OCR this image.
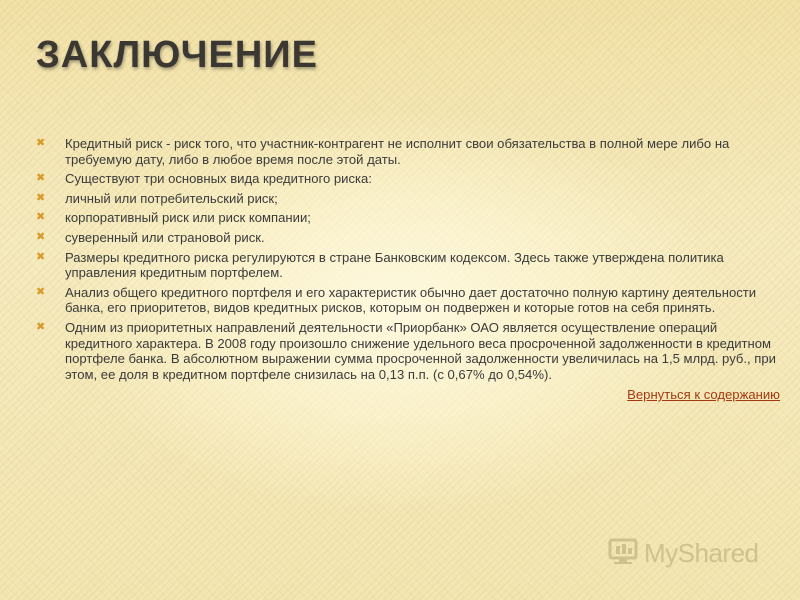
ЗАКЛЮЧЕНИЕ
✖ Кредитный риск - риск того, что участник-контрагент не исполнит свои обязательства в полной мере либо на требуемую дату, либо в любое время после этой даты.
✖ Существуют три основных вида кредитного риска:
✖ личный или потребительский риск;
✖ корпоративный риск или риск компании;
✖ суверенный или страновой риск.
✖ Размеры кредитного риска регулируются в стране Банковским кодексом. Здесь также утверждена политика управления кредитным портфелем.
✖ Анализ общего кредитного портфеля и его характеристик обычно дает достаточно полную картину деятельности банка, его приоритетов, видов кредитных рисков, которым он подвержен и которые готов на себя принять.
✖ Одним из приоритетных направлений деятельности «Приорбанк» ОАО является осуществление операций кредитного характера. В 2008 году произошло снижение удельного веса просроченной задолженности в кредитном портфеле банка. В абсолютном выражении сумма просроченной задолженности увеличилась на 1,5 млрд. руб., при этом, ее доля в кредитном портфеле снизилась на 0,13 п.п. (с 0,67% до 0,54%).
Вернуться к содержанию
MyShared
